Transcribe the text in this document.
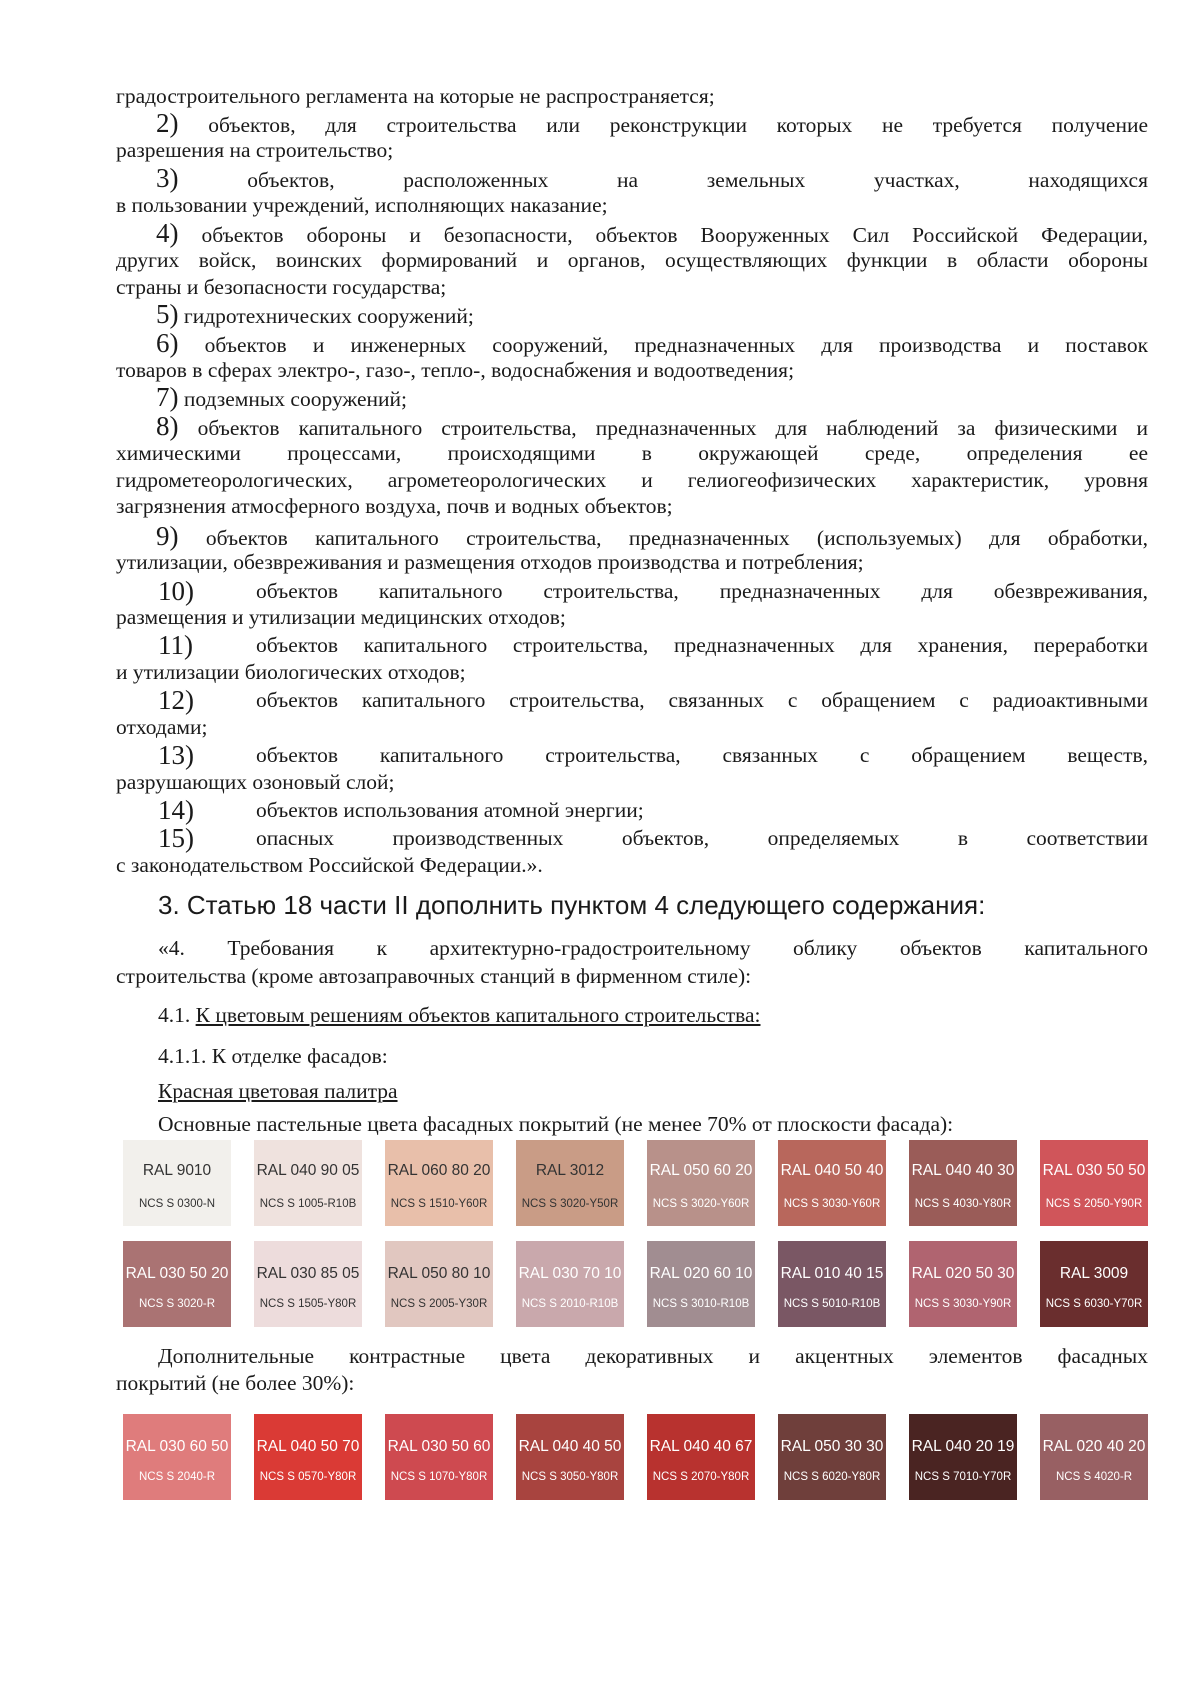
градостроительного регламента на которые не распространяется;

2) объектов, для строительства или реконструкции которых не требуется получение

разрешения на строительство;

3)	объектов, расположенных на земельных участках, находящихся

в пользовании учреждений, исполняющих наказание;

4) объектов обороны и безопасности, объектов Вооруженных Сил Российской Федерации,
других войск, воинских формирований и органов, осуществляющих функции в области обороны

страны и безопасности государства;

5) гидротехнических сооружений;

6) объектов и инженерных сооружений, предназначенных для производства и поставок

товаров в сферах электро-, газо-, тепло-, водоснабжения и водоотведения;

7) подземных сооружений;

8) объектов капитального строительства, предназначенных для наблюдений за физическими и
химическими процессами, происходящими в окружающей среде, определения ее
гидрометеорологических, агрометеорологических и гелиогеофизических характеристик, уровня

загрязнения атмосферного воздуха, почв и водных объектов;

9) объектов капитального строительства, предназначенных (используемых) для обработки,

утилизации, обезвреживания и размещения отходов производства и потребления;

10)	объектов капитального строительства, предназначенных для обезвреживания,

размещения и утилизации медицинских отходов;

11)	объектов капитального строительства, предназначенных для хранения, переработки

и утилизации биологических отходов;

12)	объектов капитального строительства, связанных с обращением с радиоактивными

отходами;

13)	объектов капитального строительства, связанных с обращением веществ,

разрушающих озоновый слой;

14)	объектов использования атомной энергии;
15)	опасных производственных объектов, определяемых в соответствии

с законодательством Российской Федерации.».

3. Статью 18 части II дополнить пунктом 4 следующего содержания:

«4. Требования к архитектурно-градостроительному облику объектов капитального

строительства (кроме автозаправочных станций в фирменном стиле):

4.1. К цветовым решениям объектов капитального строительства:

4.1.1. К отделке фасадов:

Красная цветовая палитра

Основные пастельные цвета фасадных покрытий (не менее 70% от плоскости фасада):

RAL 9010
NCS S 0300-N
RAL 040 90 05
NCS S 1005-R10B
RAL 060 80 20
NCS S 1510-Y60R
RAL 3012
NCS S 3020-Y50R
RAL 050 60 20
NCS S 3020-Y60R
RAL 040 50 40
NCS S 3030-Y60R
RAL 040 40 30
NCS S 4030-Y80R
RAL 030 50 50
NCS S 2050-Y90R
RAL 030 50 20
NCS S 3020-R
RAL 030 85 05
NCS S 1505-Y80R
RAL 050 80 10
NCS S 2005-Y30R
RAL 030 70 10
NCS S 2010-R10B
RAL 020 60 10
NCS S 3010-R10B
RAL 010 40 15
NCS S 5010-R10B
RAL 020 50 30
NCS S 3030-Y90R
RAL 3009
NCS S 6030-Y70R
Дополнительные контрастные цвета декоративных и акцентных элементов фасадных

покрытий (не более 30%):

RAL 030 60 50
NCS S 2040-R
RAL 040 50 70
NCS S 0570-Y80R
RAL 030 50 60
NCS S 1070-Y80R
RAL 040 40 50
NCS S 3050-Y80R
RAL 040 40 67
NCS S 2070-Y80R
RAL 050 30 30
NCS S 6020-Y80R
RAL 040 20 19
NCS S 7010-Y70R
RAL 020 40 20
NCS S 4020-R
